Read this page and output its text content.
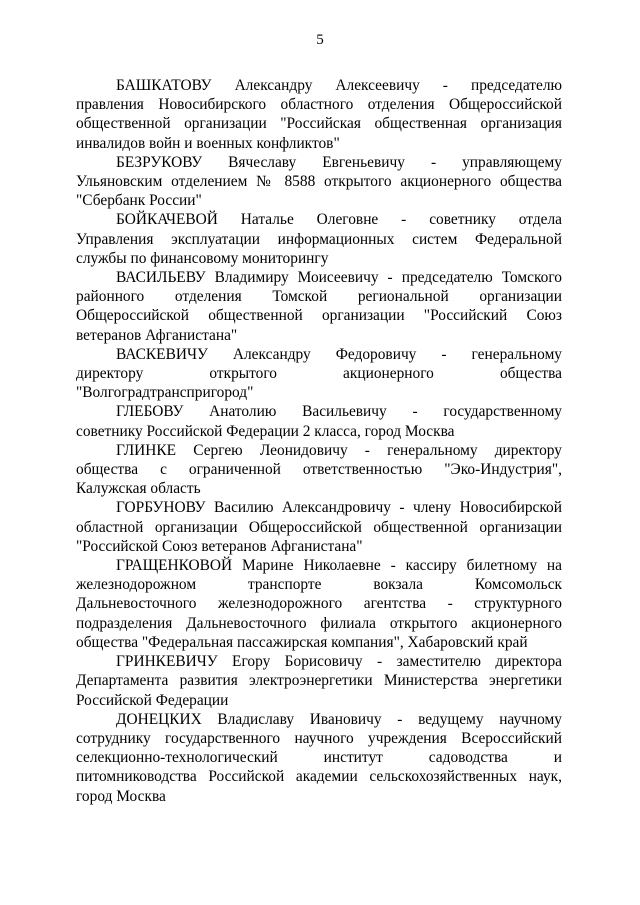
5
БАШКАТОВУ Александру Алексеевичу - председателю
правления Новосибирского областного отделения Общероссийской
общественной организации "Российская общественная организация
инвалидов войн и военных конфликтов"
БЕЗРУКОВУ Вячеславу Евгеньевичу - управляющему
Ульяновским отделением № 8588 открытого акционерного общества
"Сбербанк России"
БОЙКАЧЕВОЙ Наталье Олеговне - советнику отдела
Управления эксплуатации информационных систем Федеральной
службы по финансовому мониторингу
ВАСИЛЬЕВУ Владимиру Моисеевичу - председателю Томского
районного отделения Томской региональной организации
Общероссийской общественной организации "Российский Союз
ветеранов Афганистана"
ВАСКЕВИЧУ Александру Федоровичу - генеральному
директору открытого акционерного общества
"Волгоградтранспригород"
ГЛЕБОВУ Анатолию Васильевичу - государственному
советнику Российской Федерации 2 класса, город Москва
ГЛИНКЕ Сергею Леонидовичу - генеральному директору
общества с ограниченной ответственностью "Эко-Индустрия",
Калужская область
ГОРБУНОВУ Василию Александровичу - члену Новосибирской
областной организации Общероссийской общественной организации
"Российской Союз ветеранов Афганистана"
ГРАЩЕНКОВОЙ Марине Николаевне - кассиру билетному на
железнодорожном транспорте вокзала Комсомольск
Дальневосточного железнодорожного агентства - структурного
подразделения Дальневосточного филиала открытого акционерного
общества "Федеральная пассажирская компания", Хабаровский край
ГРИНКЕВИЧУ Егору Борисовичу - заместителю директора
Департамента развития электроэнергетики Министерства энергетики
Российской Федерации
ДОНЕЦКИХ Владиславу Ивановичу - ведущему научному
сотруднику государственного научного учреждения Всероссийский
селекционно-технологический институт садоводства и
питомниководства Российской академии сельскохозяйственных наук,
город Москва
